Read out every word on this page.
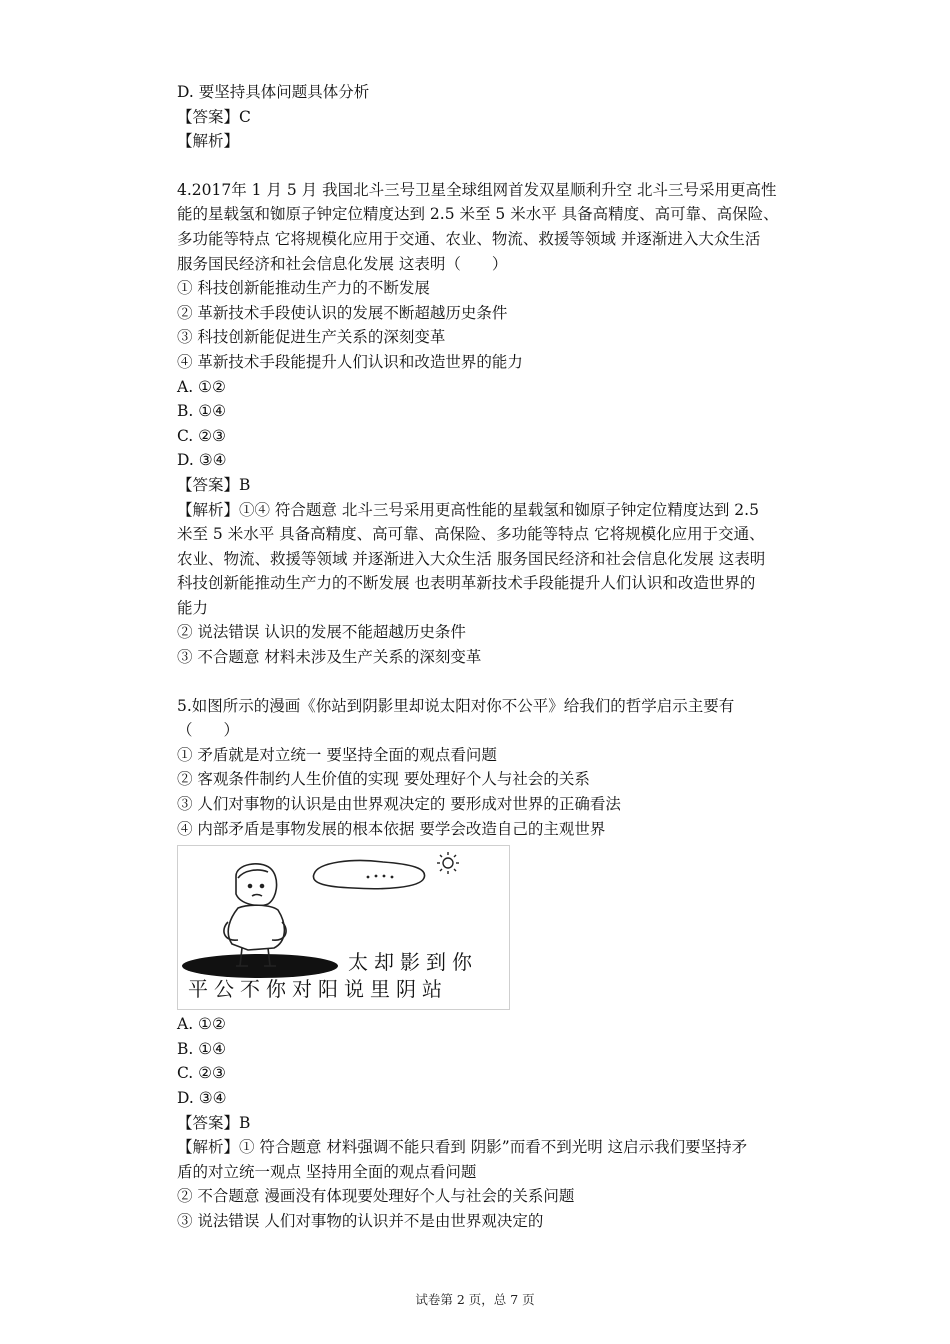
D. 要坚持具体问题具体分析
【答案】C
【解析】
4.2017年 1 月 5 月 我国北斗三号卫星全球组网首发双星顺利升空 北斗三号采用更高性
能的星载氢和铷原子钟定位精度达到 2.5 米至 5 米水平 具备高精度、高可靠、高保险、
多功能等特点 它将规模化应用于交通、农业、物流、救援等领域 并逐渐进入大众生活
服务国民经济和社会信息化发展 这表明（　　）
① 科技创新能推动生产力的不断发展
② 革新技术手段使认识的发展不断超越历史条件
③ 科技创新能促进生产关系的深刻变革
④ 革新技术手段能提升人们认识和改造世界的能力
A. ①②
B. ①④
C. ②③
D. ③④
【答案】B
【解析】①④ 符合题意 北斗三号采用更高性能的星载氢和铷原子钟定位精度达到 2.5
米至 5 米水平 具备高精度、高可靠、高保险、多功能等特点 它将规模化应用于交通、
农业、物流、救援等领域 并逐渐进入大众生活 服务国民经济和社会信息化发展 这表明
科技创新能推动生产力的不断发展 也表明革新技术手段能提升人们认识和改造世界的
能力
② 说法错误 认识的发展不能超越历史条件
③ 不合题意 材料未涉及生产关系的深刻变革
5.如图所示的漫画《你站到阴影里却说太阳对你不公平》给我们的哲学启示主要有
（　　）
① 矛盾就是对立统一 要坚持全面的观点看问题
② 客观条件制约人生价值的实现 要处理好个人与社会的关系
③ 人们对事物的认识是由世界观决定的 要形成对世界的正确看法
④ 内部矛盾是事物发展的根本依据 要学会改造自己的主观世界
太却影到你
平公不你对阳说里阴站
A. ①②
B. ①④
C. ②③
D. ③④
【答案】B
【解析】① 符合题意 材料强调不能只看到 阴影”而看不到光明 这启示我们要坚持矛
盾的对立统一观点 坚持用全面的观点看问题
② 不合题意 漫画没有体现要处理好个人与社会的关系问题
③ 说法错误 人们对事物的认识并不是由世界观决定的
试卷第 2 页，总 7 页
